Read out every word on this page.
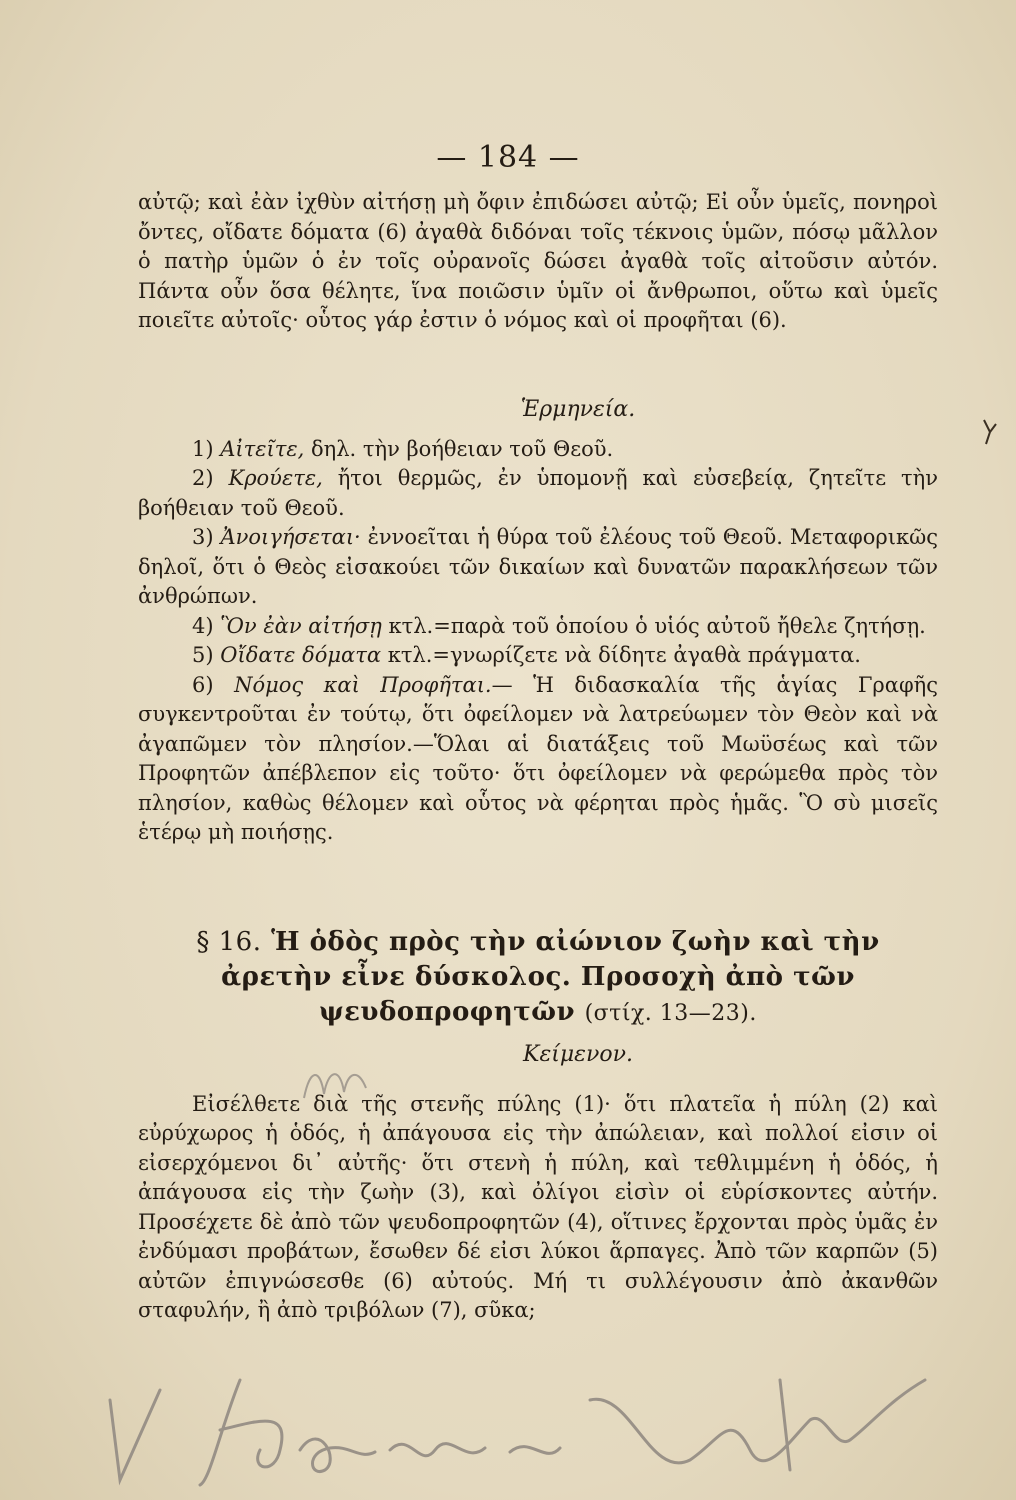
— 184 —

αὐτῷ; καὶ ἐὰν ἰχθὺν αἰτήσῃ μὴ ὄφιν ἐπιδώσει αὐτῷ; Εἰ οὖν ὑμεῖς, πονηροὶ ὄντες, οἴδατε δόματα (6) ἀγαθὰ διδόναι τοῖς τέκνοις ὑμῶν, πόσῳ μᾶλλον ὁ πατὴρ ὑμῶν ὁ ἐν τοῖς οὐρανοῖς δώσει ἀγαθὰ τοῖς αἰτοῦσιν αὐτόν. Πάντα οὖν ὅσα θέλητε, ἵνα ποιῶσιν ὑμῖν οἱ ἄνθρωποι, οὕτω καὶ ὑμεῖς ποιεῖτε αὐτοῖς· οὗτος γάρ ἐστιν ὁ νόμος καὶ οἱ προφῆται (6).

Ἑρμηνεία.

1) Αἰτεῖτε, δηλ. τὴν βοήθειαν τοῦ Θεοῦ.

2) Κρούετε, ἤτοι θερμῶς, ἐν ὑπομονῇ καὶ εὐσεβείᾳ, ζητεῖτε τὴν βοήθειαν τοῦ Θεοῦ.

3) Ἀνοιγήσεται· ἐννοεῖται ἡ θύρα τοῦ ἐλέους τοῦ Θεοῦ. Μεταφορικῶς δηλοῖ, ὅτι ὁ Θεὸς εἰσακούει τῶν δικαίων καὶ δυνατῶν παρακλήσεων τῶν ἀνθρώπων.

4) Ὃν ἐὰν αἰτήσῃ κτλ.=παρὰ τοῦ ὁποίου ὁ υἱός αὐτοῦ ἤθελε ζητήσῃ.

5) Οἴδατε δόματα κτλ.=γνωρίζετε νὰ δίδητε ἀγαθὰ πράγματα.

6) Νόμος καὶ Προφῆται.— Ἡ διδασκαλία τῆς ἁγίας Γραφῆς συγκεντροῦται ἐν τούτῳ, ὅτι ὀφείλομεν νὰ λατρεύωμεν τὸν Θεὸν καὶ νὰ ἀγαπῶμεν τὸν πλησίον.—Ὅλαι αἱ διατάξεις τοῦ Μωϋσέως καὶ τῶν Προφητῶν ἀπέβλεπον εἰς τοῦτο· ὅτι ὀφείλομεν νὰ φερώμεθα πρὸς τὸν πλησίον, καθὼς θέλομεν καὶ οὗτος νὰ φέρηται πρὸς ἡμᾶς. Ὃ σὺ μισεῖς ἑτέρῳ μὴ ποιήσῃς.

§ 16. Ἡ ὁδὸς πρὸς τὴν αἰώνιον ζωὴν καὶ τὴν ἀρετὴν εἶνε δύσκολος. Προσοχὴ ἀπὸ τῶν ψευδοπροφητῶν (στίχ. 13—23).
Κείμενον.

Εἰσέλθετε διὰ τῆς στενῆς πύλης (1)· ὅτι πλατεῖα ἡ πύλη (2) καὶ εὐρύχωρος ἡ ὁδός, ἡ ἀπάγουσα εἰς τὴν ἀπώλειαν, καὶ πολλοί εἰσιν οἱ εἰσερχόμενοι δι᾽ αὐτῆς· ὅτι στενὴ ἡ πύλη, καὶ τεθλιμμένη ἡ ὁδός, ἡ ἀπάγουσα εἰς τὴν ζωὴν (3), καὶ ὀλίγοι εἰσὶν οἱ εὑρίσκοντες αὐτήν. Προσέχετε δὲ ἀπὸ τῶν ψευδοπροφητῶν (4), οἵτινες ἔρχονται πρὸς ὑμᾶς ἐν ἐνδύμασι προβάτων, ἔσωθεν δέ εἰσι λύκοι ἅρπαγες. Ἀπὸ τῶν καρπῶν (5) αὐτῶν ἐπιγνώσεσθε (6) αὐτούς. Μή τι συλλέγουσιν ἀπὸ ἀκανθῶν σταφυλήν, ἢ ἀπὸ τριβόλων (7), σῦκα;
